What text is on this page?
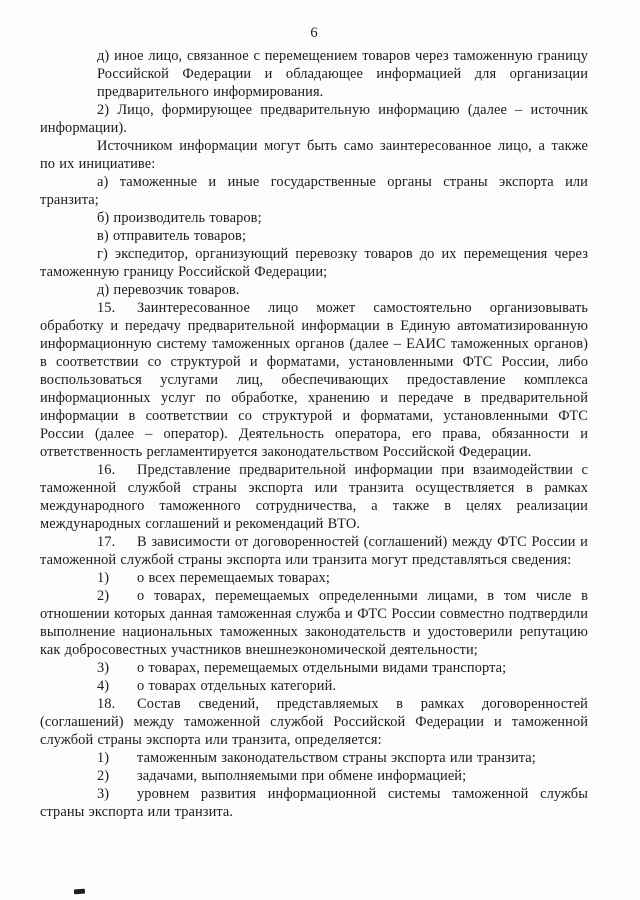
6

д) иное лицо, связанное с перемещением товаров через таможенную границу Российской Федерации и обладающее информацией для организации предварительного информирования.

2) Лицо, формирующее предварительную информацию (далее – источник информации).

Источником информации могут быть само заинтересованное лицо, а также по их инициативе:

а) таможенные и иные государственные органы страны экспорта или транзита;

б) производитель товаров;

в) отправитель товаров;

г) экспедитор, организующий перевозку товаров до их перемещения через таможенную границу Российской Федерации;

д) перевозчик товаров.

15. Заинтересованное лицо может самостоятельно организовывать обработку и передачу предварительной информации в Единую автоматизированную информационную систему таможенных органов (далее – ЕАИС таможенных органов) в соответствии со структурой и форматами, установленными ФТС России, либо воспользоваться услугами лиц, обеспечивающих предоставление комплекса информационных услуг по обработке, хранению и передаче в предварительной информации в соответствии со структурой и форматами, установленными ФТС России (далее – оператор). Деятельность оператора, его права, обязанности и ответственность регламентируется законодательством Российской Федерации.

16. Представление предварительной информации при взаимодействии с таможенной службой страны экспорта или транзита осуществляется в рамках международного таможенного сотрудничества, а также в целях реализации международных соглашений и рекомендаций ВТО.

17. В зависимости от договоренностей (соглашений) между ФТС России и таможенной службой страны экспорта или транзита могут представляться сведения:

1) о всех перемещаемых товарах;

2) о товарах, перемещаемых определенными лицами, в том числе в отношении которых данная таможенная служба и ФТС России совместно подтвердили выполнение национальных таможенных законодательств и удостоверили репутацию как добросовестных участников внешнеэкономической деятельности;

3) о товарах, перемещаемых отдельными видами транспорта;

4) о товарах отдельных категорий.

18. Состав сведений, представляемых в рамках договоренностей (соглашений) между таможенной службой Российской Федерации и таможенной службой страны экспорта или транзита, определяется:

1) таможенным законодательством страны экспорта или транзита;

2) задачами, выполняемыми при обмене информацией;

3) уровнем развития информационной системы таможенной службы страны экспорта или транзита.
